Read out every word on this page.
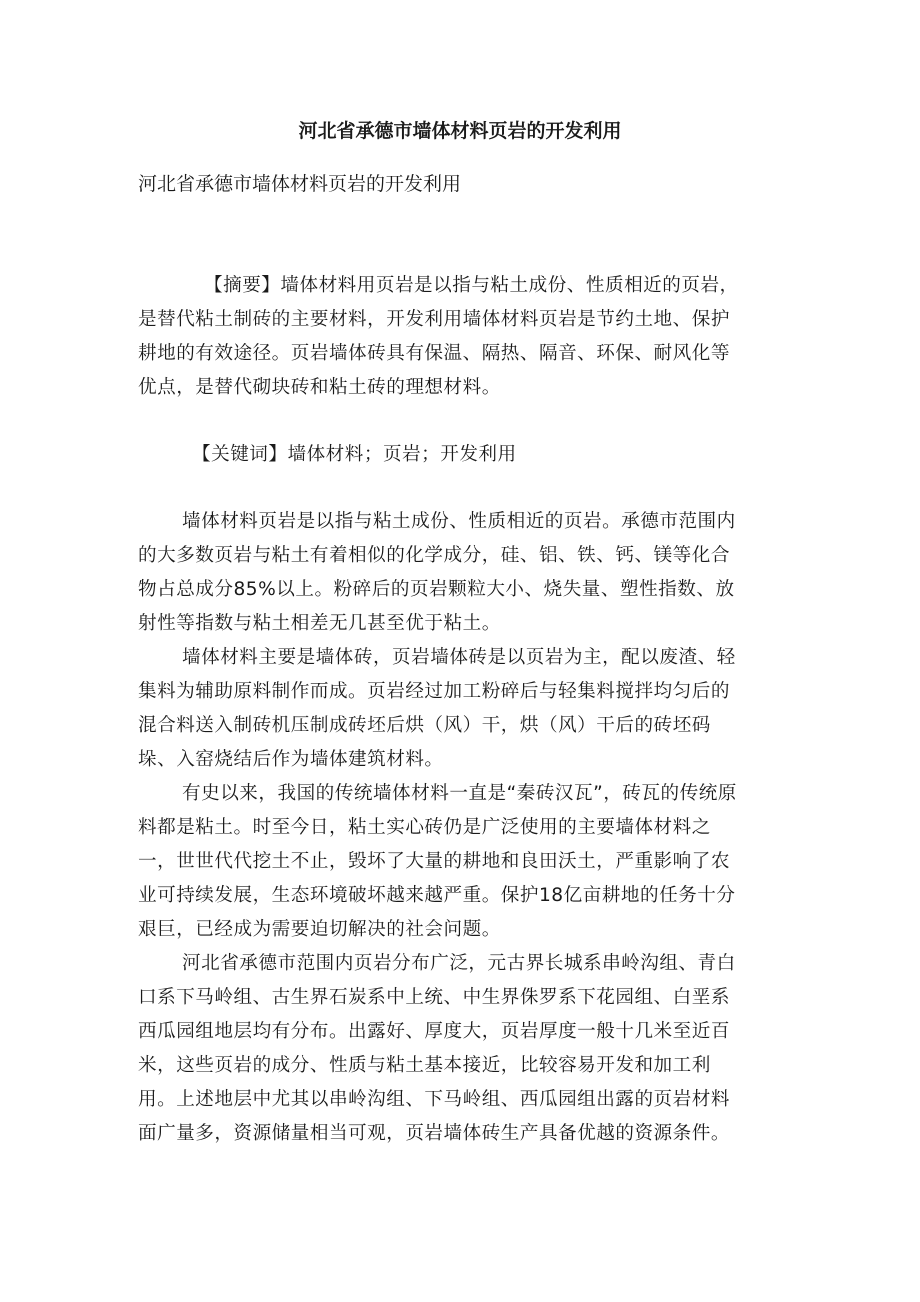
河北省承德市墙体材料页岩的开发利用
河北省承德市墙体材料页岩的开发利用

【摘要】墙体材料用页岩是以指与粘土成份、性质相近的页岩，是替代粘土制砖的主要材料，开发利用墙体材料页岩是节约土地、保护耕地的有效途径。页岩墙体砖具有保温、隔热、隔音、环保、耐风化等优点，是替代砌块砖和粘土砖的理想材料。

【关键词】墙体材料；页岩；开发利用

墙体材料页岩是以指与粘土成份、性质相近的页岩。承德市范围内的大多数页岩与粘土有着相似的化学成分，硅、铝、铁、钙、镁等化合物占总成分85%以上。粉碎后的页岩颗粒大小、烧失量、塑性指数、放射性等指数与粘土相差无几甚至优于粘土。

墙体材料主要是墙体砖，页岩墙体砖是以页岩为主，配以废渣、轻集料为辅助原料制作而成。页岩经过加工粉碎后与轻集料搅拌均匀后的混合料送入制砖机压制成砖坯后烘（风）干，烘（风）干后的砖坯码垛、入窑烧结后作为墙体建筑材料。

有史以来，我国的传统墙体材料一直是“秦砖汉瓦”，砖瓦的传统原料都是粘土。时至今日，粘土实心砖仍是广泛使用的主要墙体材料之一，世世代代挖土不止，毁坏了大量的耕地和良田沃土，严重影响了农业可持续发展，生态环境破坏越来越严重。保护18亿亩耕地的任务十分艰巨，已经成为需要迫切解决的社会问题。

河北省承德市范围内页岩分布广泛，元古界长城系串岭沟组、青白口系下马岭组、古生界石炭系中上统、中生界侏罗系下花园组、白垩系西瓜园组地层均有分布。出露好、厚度大，页岩厚度一般十几米至近百米，这些页岩的成分、性质与粘土基本接近，比较容易开发和加工利用。上述地层中尤其以串岭沟组、下马岭组、西瓜园组出露的页岩材料面广量多，资源储量相当可观，页岩墙体砖生产具备优越的资源条件。
